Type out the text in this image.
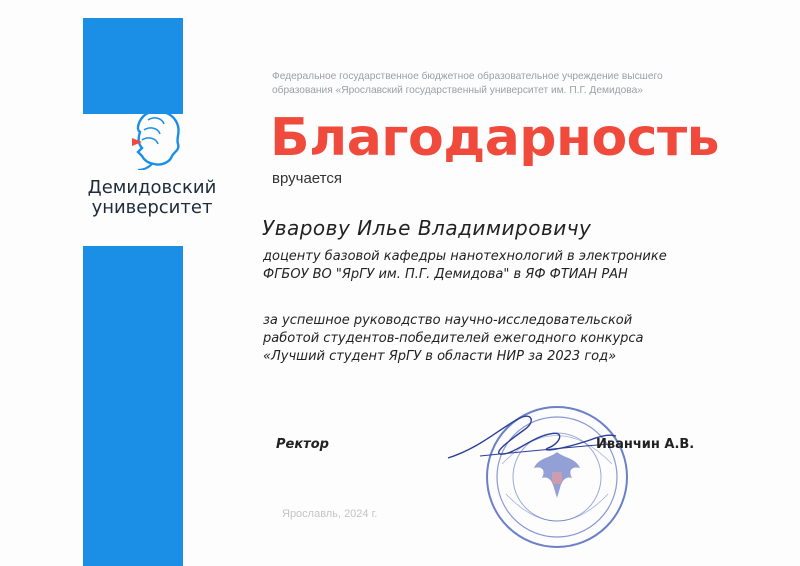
Демидовский
университет
Федеральное государственное бюджетное образовательное учреждение высшего
образования «Ярославский государственный университет им. П.Г. Демидова»
Благодарность
вручается
Уварову Илье Владимировичу
доценту базовой кафедры нанотехнологий в электронике
ФГБОУ ВО "ЯрГУ им. П.Г. Демидова" в ЯФ ФТИАН РАН
за успешное руководство научно-исследовательской
работой студентов-победителей ежегодного конкурса
«Лучший студент ЯрГУ в области НИР за 2023 год»
Ректор	Иванчин А.В.
Ярославль, 2024 г.
